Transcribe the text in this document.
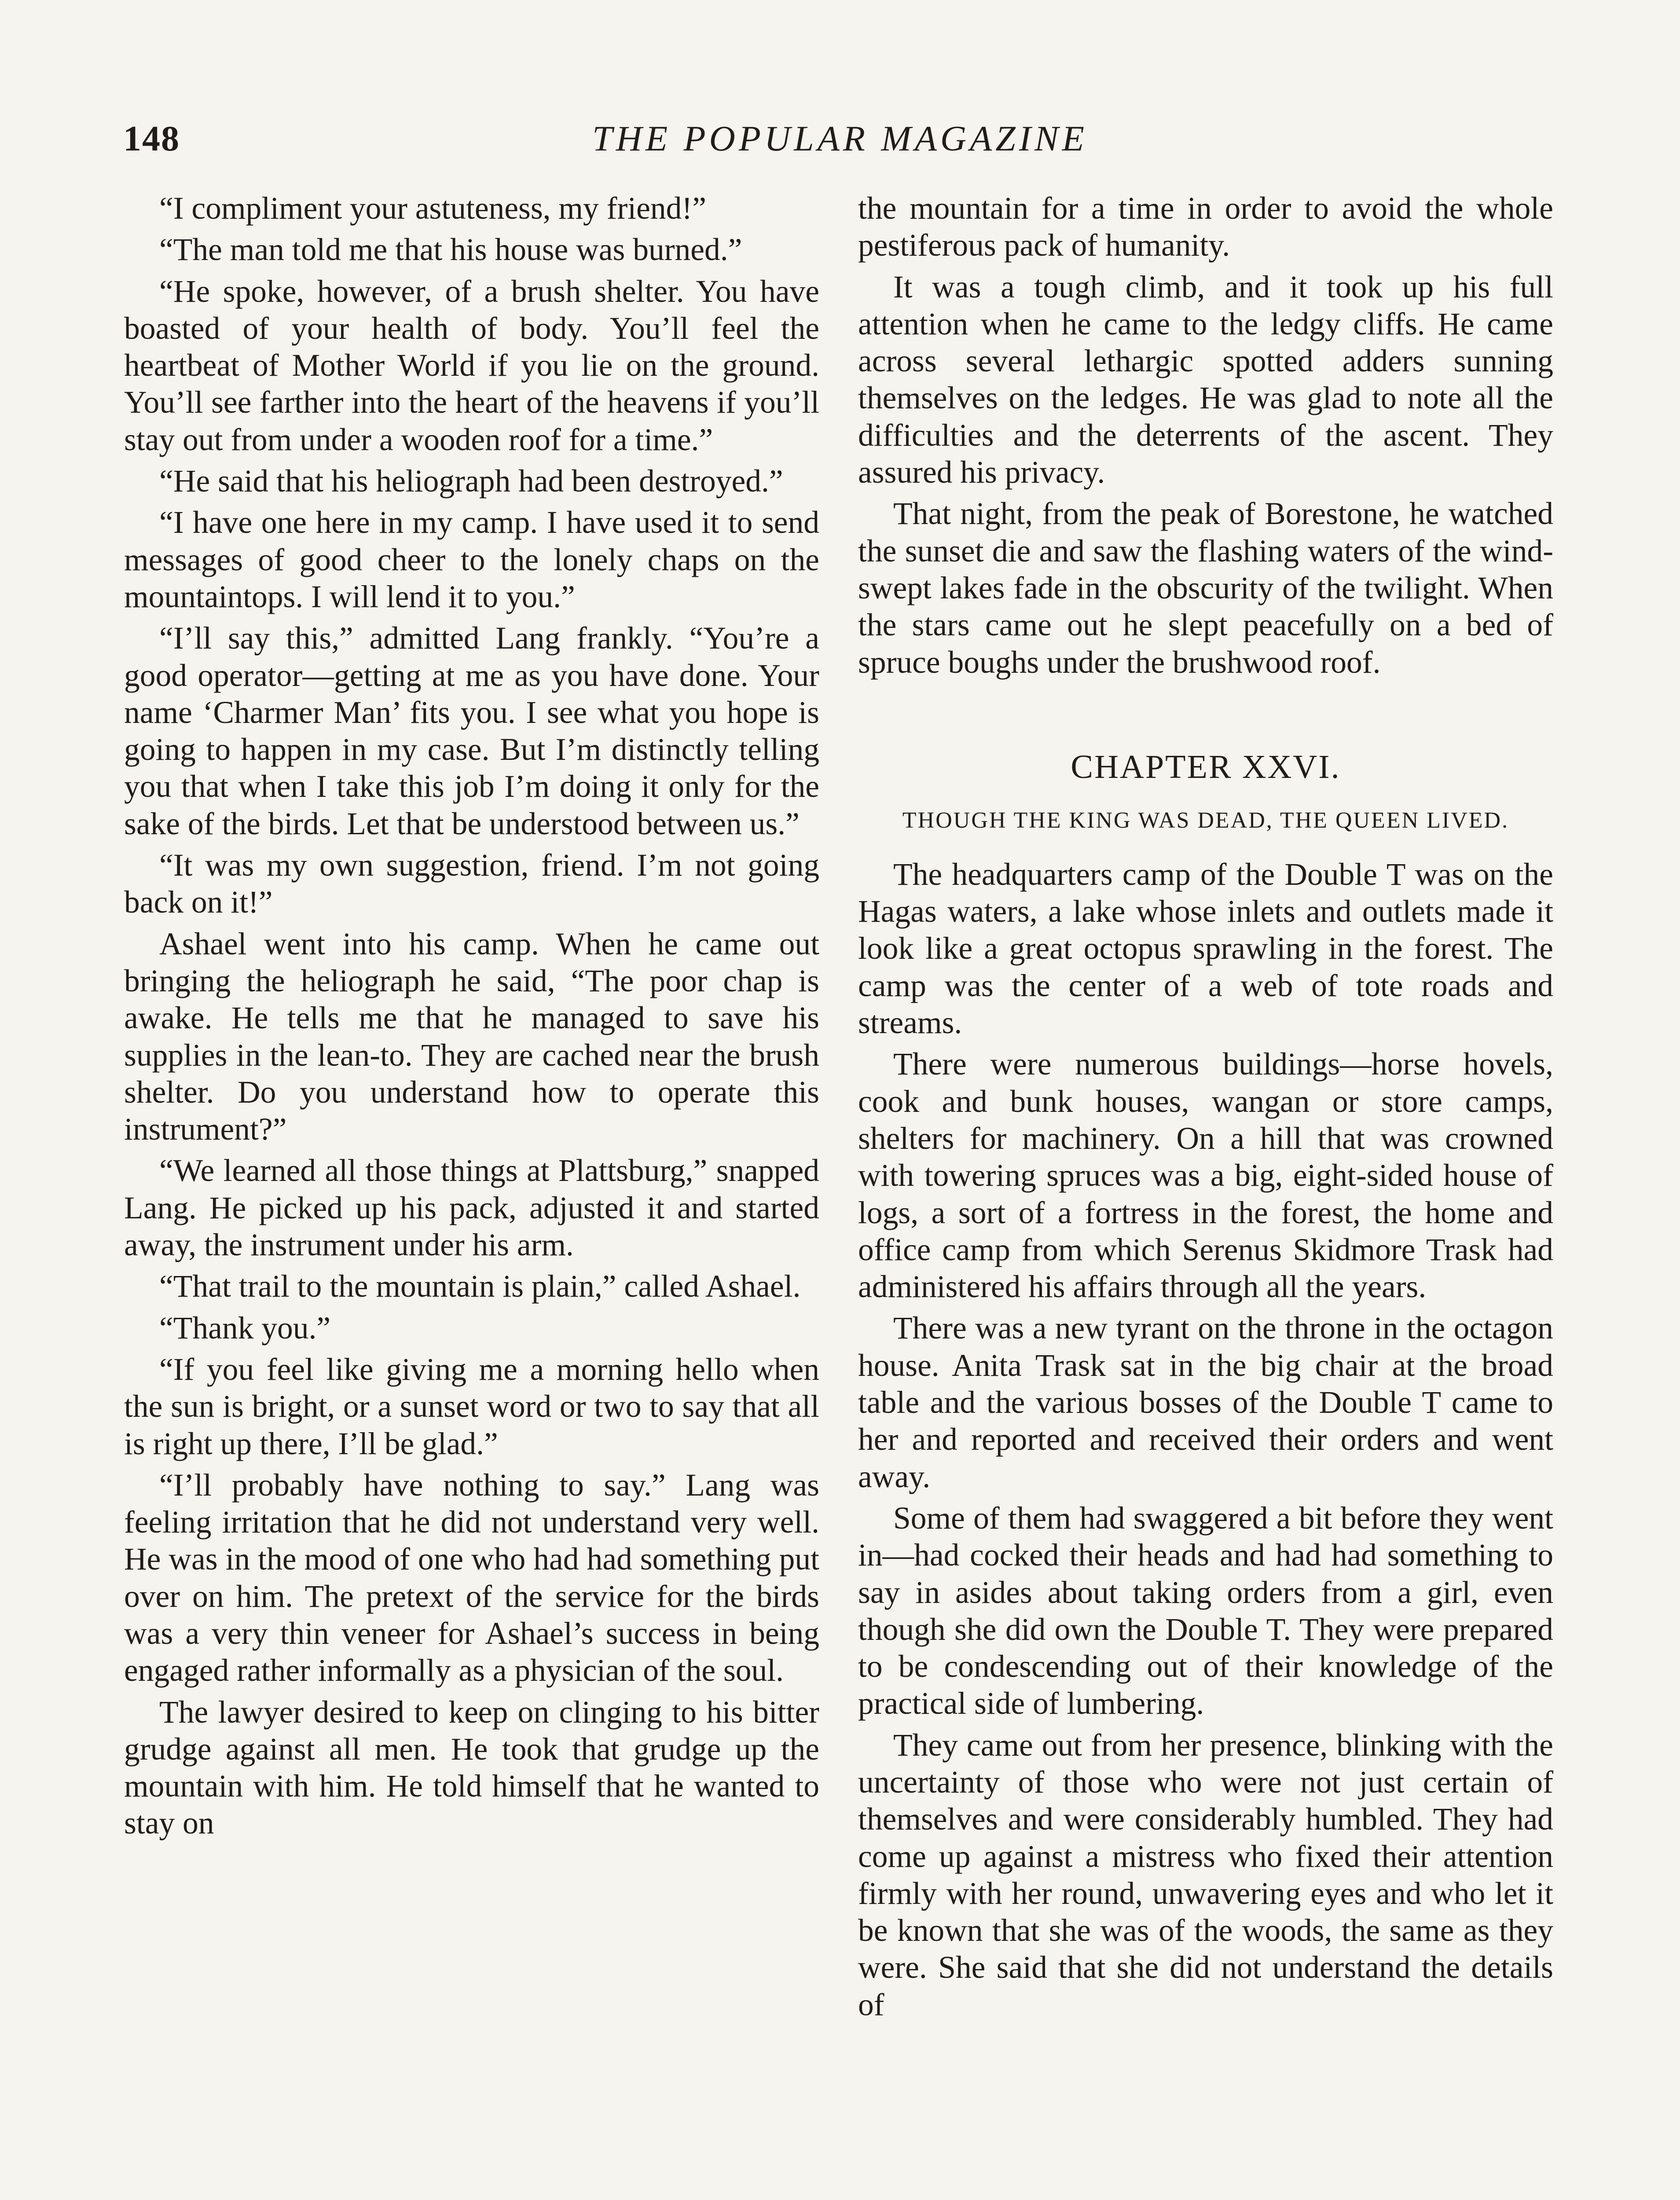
148	THE POPULAR MAGAZINE

“I compliment your astuteness, my friend!”

“The man told me that his house was burned.”

“He spoke, however, of a brush shelter. You have boasted of your health of body. You’ll feel the heartbeat of Mother World if you lie on the ground. You’ll see farther into the heart of the heavens if you’ll stay out from under a wooden roof for a time.”

“He said that his heliograph had been destroyed.”

“I have one here in my camp. I have used it to send messages of good cheer to the lonely chaps on the mountaintops. I will lend it to you.”

“I’ll say this,” admitted Lang frankly. “You’re a good operator—getting at me as you have done. Your name ‘Charmer Man’ fits you. I see what you hope is going to happen in my case. But I’m distinctly telling you that when I take this job I’m doing it only for the sake of the birds. Let that be understood between us.”

“It was my own suggestion, friend. I’m not going back on it!”

Ashael went into his camp. When he came out bringing the heliograph he said, “The poor chap is awake. He tells me that he managed to save his supplies in the lean-to. They are cached near the brush shelter. Do you understand how to operate this instrument?”

“We learned all those things at Plattsburg,” snapped Lang. He picked up his pack, adjusted it and started away, the instrument under his arm.

“That trail to the mountain is plain,” called Ashael.

“Thank you.”

“If you feel like giving me a morning hello when the sun is bright, or a sunset word or two to say that all is right up there, I’ll be glad.”

“I’ll probably have nothing to say.” Lang was feeling irritation that he did not understand very well. He was in the mood of one who had had something put over on him. The pretext of the service for the birds was a very thin veneer for Ashael’s success in being engaged rather informally as a physician of the soul.

The lawyer desired to keep on clinging to his bitter grudge against all men. He took that grudge up the mountain with him. He told himself that he wanted to stay on

the mountain for a time in order to avoid the whole pestiferous pack of humanity.

It was a tough climb, and it took up his full attention when he came to the ledgy cliffs. He came across several lethargic spotted adders sunning themselves on the ledges. He was glad to note all the difficulties and the deterrents of the ascent. They assured his privacy.

That night, from the peak of Borestone, he watched the sunset die and saw the flashing waters of the wind-swept lakes fade in the obscurity of the twilight. When the stars came out he slept peacefully on a bed of spruce boughs under the brushwood roof.

CHAPTER XXVI.
THOUGH THE KING WAS DEAD, THE QUEEN LIVED.

The headquarters camp of the Double T was on the Hagas waters, a lake whose inlets and outlets made it look like a great octopus sprawling in the forest. The camp was the center of a web of tote roads and streams.

There were numerous buildings—horse hovels, cook and bunk houses, wangan or store camps, shelters for machinery. On a hill that was crowned with towering spruces was a big, eight-sided house of logs, a sort of a fortress in the forest, the home and office camp from which Serenus Skidmore Trask had administered his affairs through all the years.

There was a new tyrant on the throne in the octagon house. Anita Trask sat in the big chair at the broad table and the various bosses of the Double T came to her and reported and received their orders and went away.

Some of them had swaggered a bit before they went in—had cocked their heads and had had something to say in asides about taking orders from a girl, even though she did own the Double T. They were prepared to be condescending out of their knowledge of the practical side of lumbering.

They came out from her presence, blinking with the uncertainty of those who were not just certain of themselves and were considerably humbled. They had come up against a mistress who fixed their attention firmly with her round, unwavering eyes and who let it be known that she was of the woods, the same as they were. She said that she did not understand the details of
